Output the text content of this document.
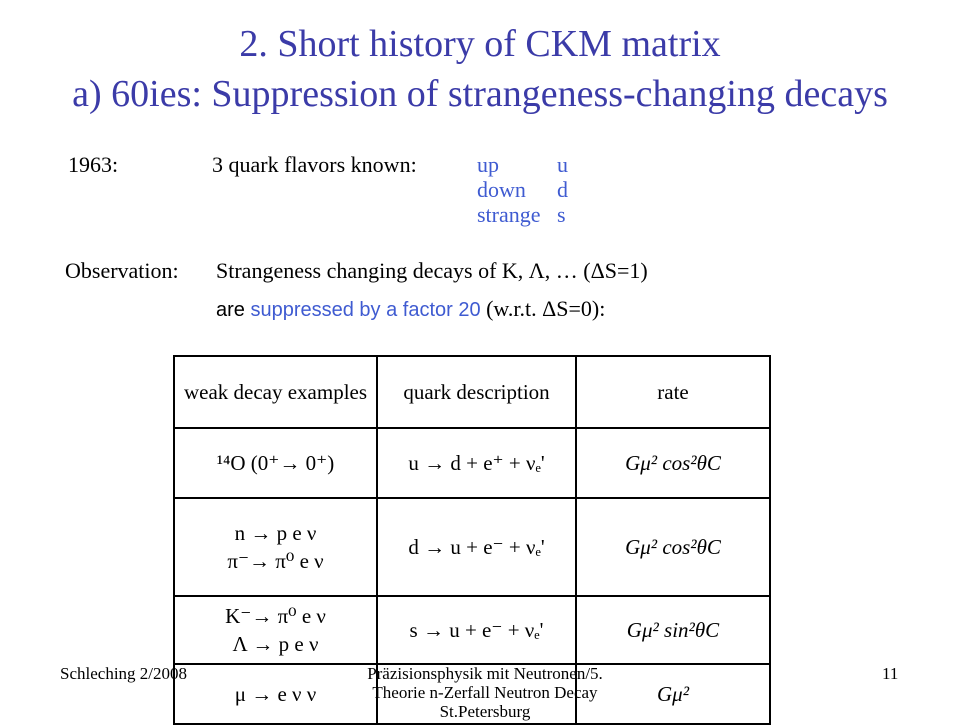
2. Short history of CKM matrix
a) 60ies: Suppression of strangeness-changing decays
1963:	3 quark flavors known:	up	u
down d
strange s
Observation: Strangeness changing decays of K, Λ, … (ΔS=1)
are suppressed by a factor 20 (w.r.t. ΔS=0):
weak decay examples	quark description	rate
¹⁴O (0⁺→ 0⁺)	u → d + e⁺ + νₑ'	Gμ² cos²θC

n → p e ν
π⁻→ π⁰ e ν	d → u + e⁻ + νₑ'	Gμ² cos²θC

K⁻→ π⁰ e ν
Λ → p e ν	s → u + e⁻ + νₑ'	Gμ² sin²θC
μ → e ν ν		Gμ²
Schleching 2/2008	Präzisionsphysik mit Neutronen/5.
Theorie n-Zerfall Neutron Decay
St.Petersburg
11
